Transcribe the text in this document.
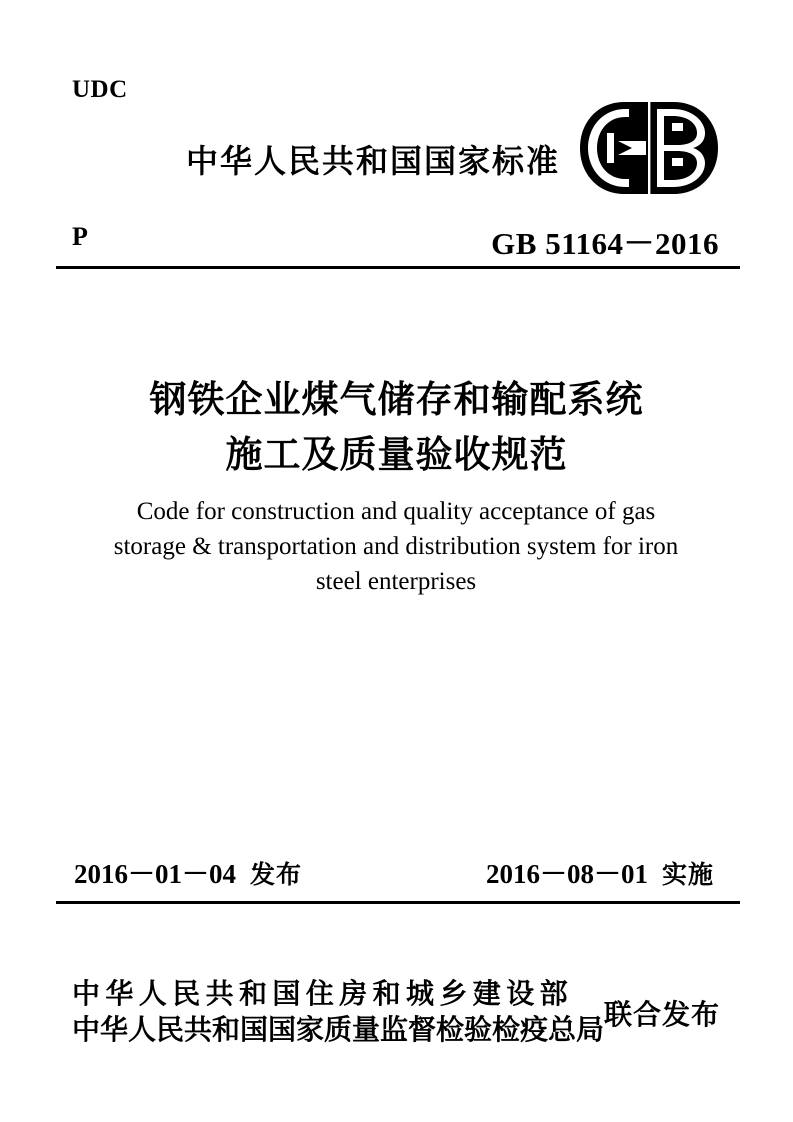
UDC
中华人民共和国国家标准
P	GB 51164－2016
钢铁企业煤气储存和输配系统
施工及质量验收规范
Code for construction and quality acceptance of gas
storage & transportation and distribution system for iron
steel enterprises
2016－01－04 发布	2016－08－01 实施
中华人民共和国住房和城乡建设部
中华人民共和国国家质量监督检验检疫总局 联合发布
